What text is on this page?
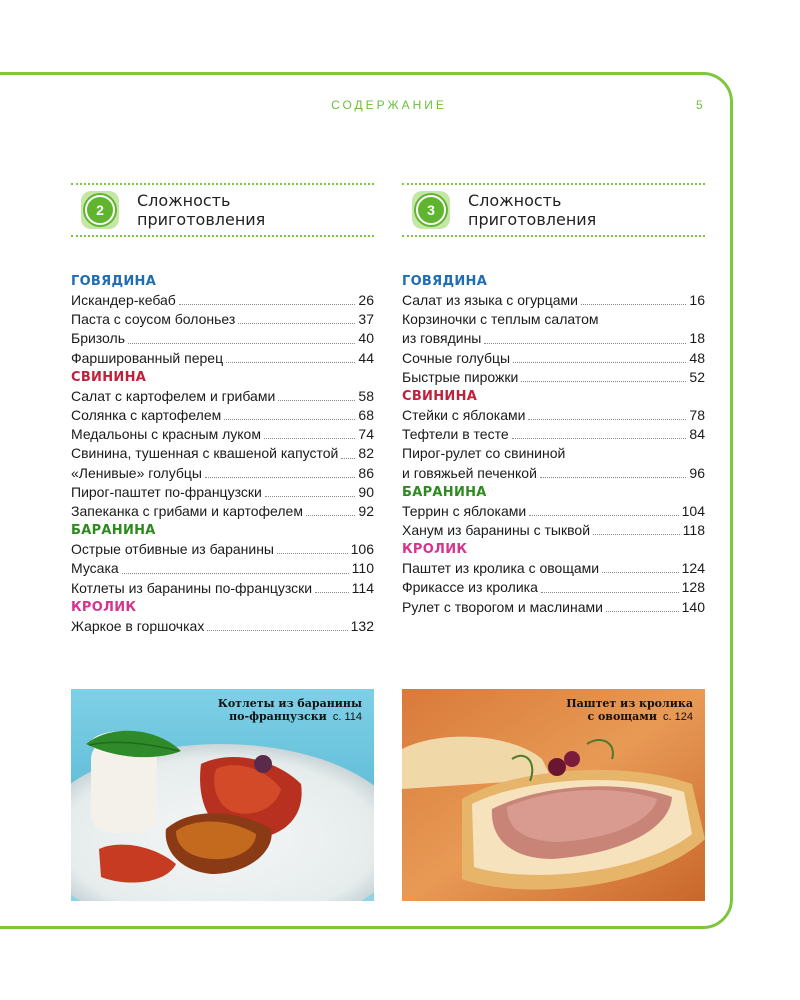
СОДЕРЖАНИЕ	5
2	Сложность
приготовления
ГОВЯДИНА
Искандер-кебаб	26
Паста с соусом болоньез	37
Бризоль	40
Фаршированный перец	44
СВИНИНА
Салат с картофелем и грибами	58
Солянка с картофелем	68
Медальоны с красным луком	74
Свинина, тушенная с квашеной капустой 82
«Ленивые» голубцы	86
Пирог-паштет по-французски	90
Запеканка с грибами и картофелем	92
БАРАНИНА
Острые отбивные из баранины	106
Мусака	110
Котлеты из баранины по-французски	114
КРОЛИК
Жаркое в горшочках	132
3	Сложность
приготовления
ГОВЯДИНА
Салат из языка с огурцами	16
Корзиночки с теплым салатом
из говядины	18
Сочные голубцы	48
Быстрые пирожки	52
СВИНИНА
Стейки с яблоками	78
Тефтели в тесте	84
Пирог-рулет со свининой
и говяжьей печенкой	96
БАРАНИНА
Террин с яблоками	104
Ханум из баранины с тыквой	118
КРОЛИК
Паштет из кролика с овощами	124
Фрикассе из кролика	128
Рулет с творогом и маслинами	140
Котлеты из баранины
по-французски с. 114
Паштет из кролика
с овощами с. 124
